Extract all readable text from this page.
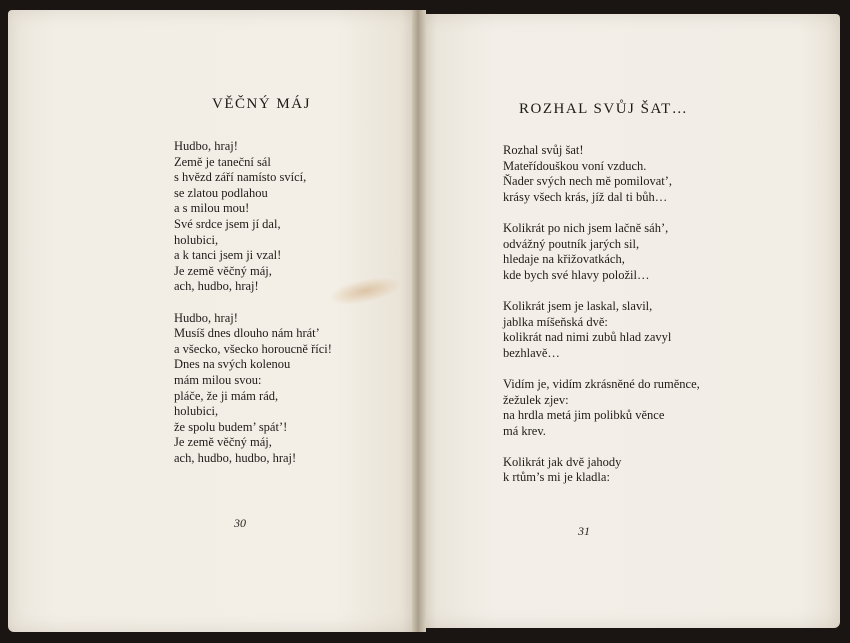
VĚČNÝ MÁJ
Hudbo, hraj!
Země je taneční sál
s hvězd září namísto svící,
se zlatou podlahou
a s milou mou!
Své srdce jsem jí dal,
holubici,
a k tanci jsem ji vzal!
Je země věčný máj,
ach, hudbo, hraj!
Hudbo, hraj!
Musíš dnes dlouho nám hrát’
a všecko, všecko horoucně říci!
Dnes na svých kolenou
mám milou svou:
pláče, že ji mám rád,
holubici,
že spolu budem’ spát’!
Je země věčný máj,
ach, hudbo, hudbo, hraj!
30
ROZHAL SVŮJ ŠAT…
Rozhal svůj šat!
Mateřídouškou voní vzduch.
Ňader svých nech mě pomilovat’,
krásy všech krás, jíž dal ti bůh…
Kolikrát po nich jsem lačně sáh’,
odvážný poutník jarých sil,
hledaje na křižovatkách,
kde bych své hlavy položil…
Kolikrát jsem je laskal, slavil,
jablka míšeňská dvě:
kolikrát nad nimi zubů hlad zavyl
bezhlavě…
Vidím je, vidím zkrásněné do ruměnce,
žežulek zjev:
na hrdla metá jim polibků věnce
má krev.
Kolikrát jak dvě jahody
k rtům’s mi je kladla:
31
